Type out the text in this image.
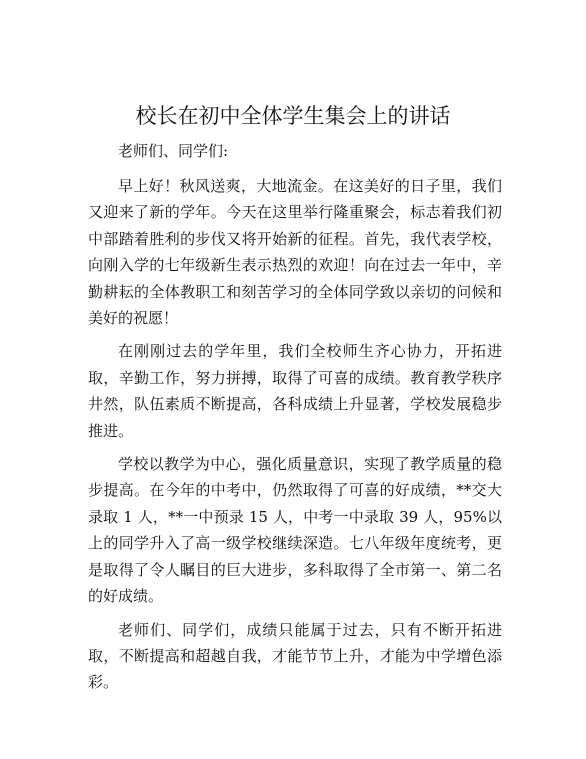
校长在初中全体学生集会上的讲话

老师们、同学们:

早上好！秋风送爽，大地流金。在这美好的日子里，我们又迎来了新的学年。今天在这里举行隆重聚会，标志着我们初中部踏着胜利的步伐又将开始新的征程。首先，我代表学校，向刚入学的七年级新生表示热烈的欢迎！向在过去一年中，辛勤耕耘的全体教职工和刻苦学习的全体同学致以亲切的问候和美好的祝愿！

在刚刚过去的学年里，我们全校师生齐心协力，开拓进取，辛勤工作，努力拼搏，取得了可喜的成绩。教育教学秩序井然，队伍素质不断提高，各科成绩上升显著，学校发展稳步推进。

学校以教学为中心，强化质量意识，实现了教学质量的稳步提高。在今年的中考中，仍然取得了可喜的好成绩，**交大录取 1 人，**一中预录 15 人，中考一中录取 39 人，95%以上的同学升入了高一级学校继续深造。七八年级年度统考，更是取得了令人瞩目的巨大进步，多科取得了全市第一、第二名的好成绩。

老师们、同学们，成绩只能属于过去，只有不断开拓进取，不断提高和超越自我，才能节节上升，才能为中学增色添彩。
